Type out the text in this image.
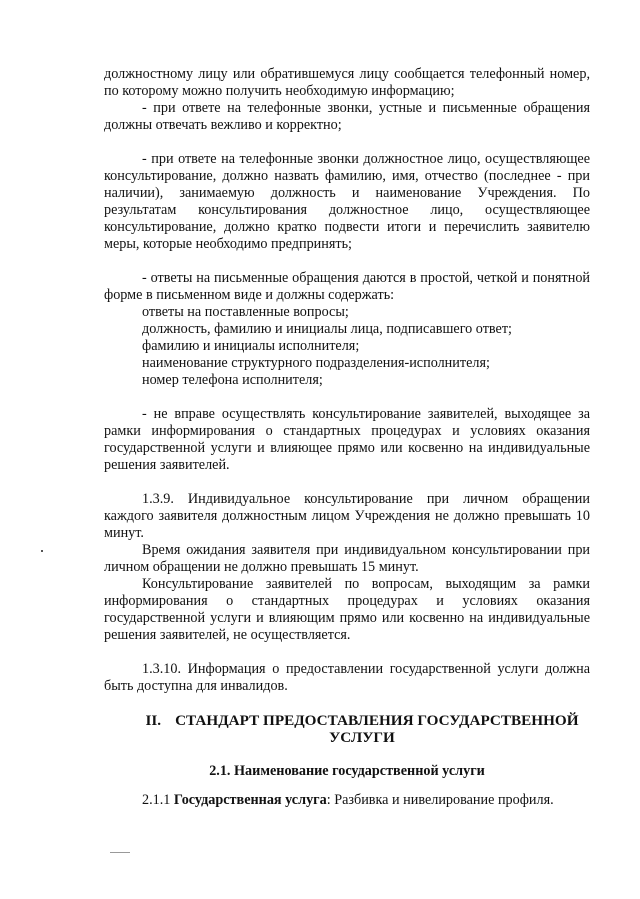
должностному лицу или обратившемуся лицу сообщается телефонный номер, по которому можно получить необходимую информацию;

- при ответе на телефонные звонки, устные и письменные обращения должны отвечать вежливо и корректно;

- при ответе на телефонные звонки должностное лицо, осуществляющее консультирование, должно назвать фамилию, имя, отчество (последнее - при наличии), занимаемую должность и наименование Учреждения. По результатам консультирования должностное лицо, осуществляющее консультирование, должно кратко подвести итоги и перечислить заявителю меры, которые необходимо предпринять;

- ответы на письменные обращения даются в простой, четкой и понятной форме в письменном виде и должны содержать:

ответы на поставленные вопросы;

должность, фамилию и инициалы лица, подписавшего ответ;

фамилию и инициалы исполнителя;

наименование структурного подразделения-исполнителя;

номер телефона исполнителя;

- не вправе осуществлять консультирование заявителей, выходящее за рамки информирования о стандартных процедурах и условиях оказания государственной услуги и влияющее прямо или косвенно на индивидуальные решения заявителей.

1.3.9. Индивидуальное консультирование при личном обращении каждого заявителя должностным лицом Учреждения не должно превышать 10 минут.

Время ожидания заявителя при индивидуальном консультировании при личном обращении не должно превышать 15 минут.

Консультирование заявителей по вопросам, выходящим за рамки информирования о стандартных процедурах и условиях оказания государственной услуги и влияющим прямо или косвенно на индивидуальные решения заявителей, не осуществляется.

1.3.10. Информация о предоставлении государственной услуги должна быть доступна для инвалидов.

II. СТАНДАРТ ПРЕДОСТАВЛЕНИЯ ГОСУДАРСТВЕННОЙ УСЛУГИ

2.1. Наименование государственной услуги

2.1.1 Государственная услуга: Разбивка и нивелирование профиля.
